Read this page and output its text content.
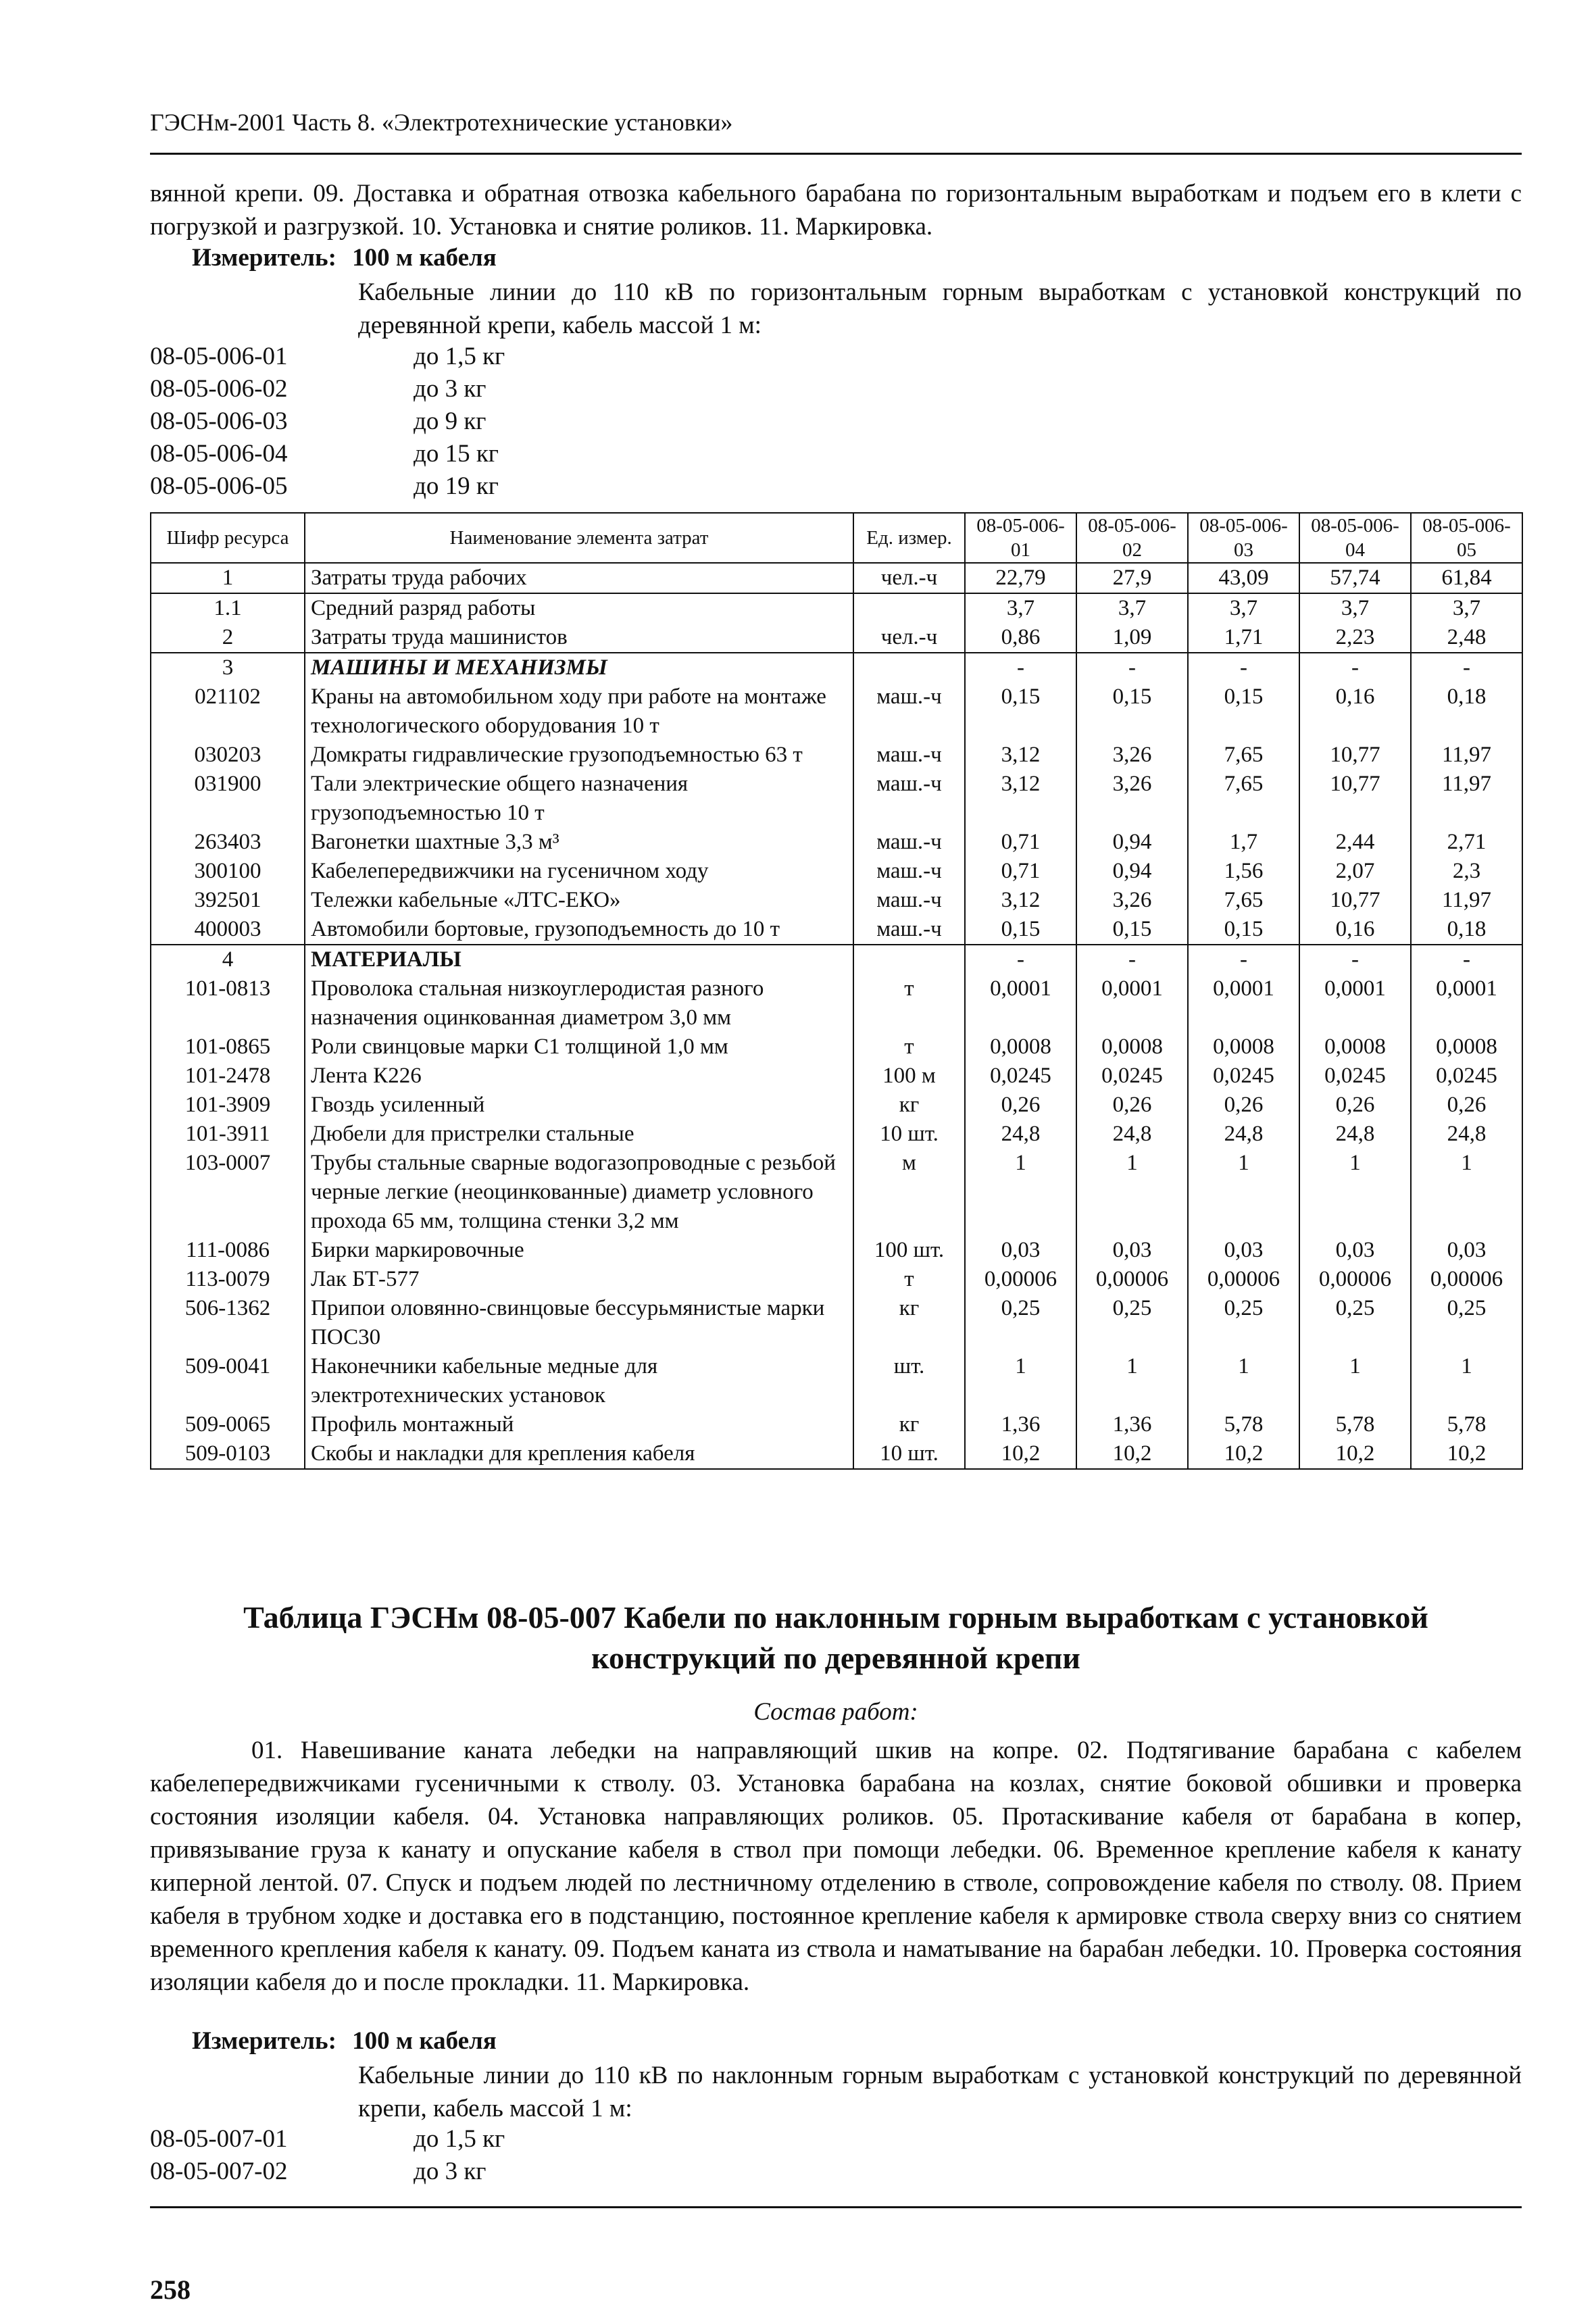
ГЭСНм-2001 Часть 8. «Электротехнические установки»
вянной крепи. 09. Доставка и обратная отвозка кабельного барабана по горизонтальным выработкам и подъем его в клети с погрузкой и разгрузкой. 10. Установка и снятие роликов. 11. Маркировка.
Измеритель: 100 м кабеля
Кабельные линии до 110 кВ по горизонтальным горным выработкам с установкой конструкций по деревянной крепи, кабель массой 1 м:
08-05-006-01	до 1,5 кг
08-05-006-02	до 3 кг
08-05-006-03	до 9 кг
08-05-006-04	до 15 кг
08-05-006-05	до 19 кг
Шифр ресурса	Наименование элемента затрат	Ед. измер.	08-05-006-01	08-05-006-02	08-05-006-03	08-05-006-04	08-05-006-05
1	Затраты труда рабочих	чел.-ч	22,79	27,9	43,09	57,74	61,84
1.1	Средний разряд работы		3,7	3,7	3,7	3,7	3,7
2	Затраты труда машинистов	чел.-ч	0,86	1,09	1,71	2,23	2,48
3	МАШИНЫ И МЕХАНИЗМЫ		-	-	-	-	-
021102	Краны на автомобильном ходу при работе на монтаже технологического оборудования 10 т	маш.-ч	0,15	0,15	0,15	0,16	0,18
030203	Домкраты гидравлические грузоподъемностью 63 т	маш.-ч	3,12	3,26	7,65	10,77	11,97
031900	Тали электрические общего назначения грузоподъемностью 10 т	маш.-ч	3,12	3,26	7,65	10,77	11,97
263403	Вагонетки шахтные 3,3 м³	маш.-ч	0,71	0,94	1,7	2,44	2,71
300100	Кабелепередвижчики на гусеничном ходу	маш.-ч	0,71	0,94	1,56	2,07	2,3
392501	Тележки кабельные «ЛТС-ЕКО»	маш.-ч	3,12	3,26	7,65	10,77	11,97
400003	Автомобили бортовые, грузоподъемность до 10 т	маш.-ч	0,15	0,15	0,15	0,16	0,18
4	МАТЕРИАЛЫ		-	-	-	-	-
101-0813	Проволока стальная низкоуглеродистая разного назначения оцинкованная диаметром 3,0 мм	т	0,0001	0,0001	0,0001	0,0001	0,0001
101-0865	Роли свинцовые марки С1 толщиной 1,0 мм	т	0,0008	0,0008	0,0008	0,0008	0,0008
101-2478	Лента К226	100 м	0,0245	0,0245	0,0245	0,0245	0,0245
101-3909	Гвоздь усиленный	кг	0,26	0,26	0,26	0,26	0,26
101-3911	Дюбели для пристрелки стальные	10 шт.	24,8	24,8	24,8	24,8	24,8
103-0007	Трубы стальные сварные водогазопроводные с резьбой черные легкие (неоцинкованные) диаметр условного прохода 65 мм, толщина стенки 3,2 мм	м	1	1	1	1	1
111-0086	Бирки маркировочные	100 шт.	0,03	0,03	0,03	0,03	0,03
113-0079	Лак БТ-577	т	0,00006	0,00006	0,00006	0,00006	0,00006
506-1362	Припои оловянно-свинцовые бессурьмянистые марки ПОС30	кг	0,25	0,25	0,25	0,25	0,25
509-0041	Наконечники кабельные медные для электротехнических установок	шт.	1	1	1	1	1
509-0065	Профиль монтажный	кг	1,36	1,36	5,78	5,78	5,78
509-0103	Скобы и накладки для крепления кабеля	10 шт.	10,2	10,2	10,2	10,2	10,2
Таблица ГЭСНм 08-05-007 Кабели по наклонным горным выработкам с установкой конструкций по деревянной крепи
Состав работ:
01. Навешивание каната лебедки на направляющий шкив на копре. 02. Подтягивание барабана с кабелем кабелепередвижчиками гусеничными к стволу. 03. Установка барабана на козлах, снятие боковой обшивки и проверка состояния изоляции кабеля. 04. Установка направляющих роликов. 05. Протаскивание кабеля от барабана в копер, привязывание груза к канату и опускание кабеля в ствол при помощи лебедки. 06. Временное крепление кабеля к канату киперной лентой. 07. Спуск и подъем людей по лестничному отделению в стволе, сопровождение кабеля по стволу. 08. Прием кабеля в трубном ходке и доставка его в подстанцию, постоянное крепление кабеля к армировке ствола сверху вниз со снятием временного крепления кабеля к канату. 09. Подъем каната из ствола и наматывание на барабан лебедки. 10. Проверка состояния изоляции кабеля до и после прокладки. 11. Маркировка.
Измеритель: 100 м кабеля
Кабельные линии до 110 кВ по наклонным горным выработкам с установкой конструкций по деревянной крепи, кабель массой 1 м:
08-05-007-01	до 1,5 кг
08-05-007-02	до 3 кг
258
